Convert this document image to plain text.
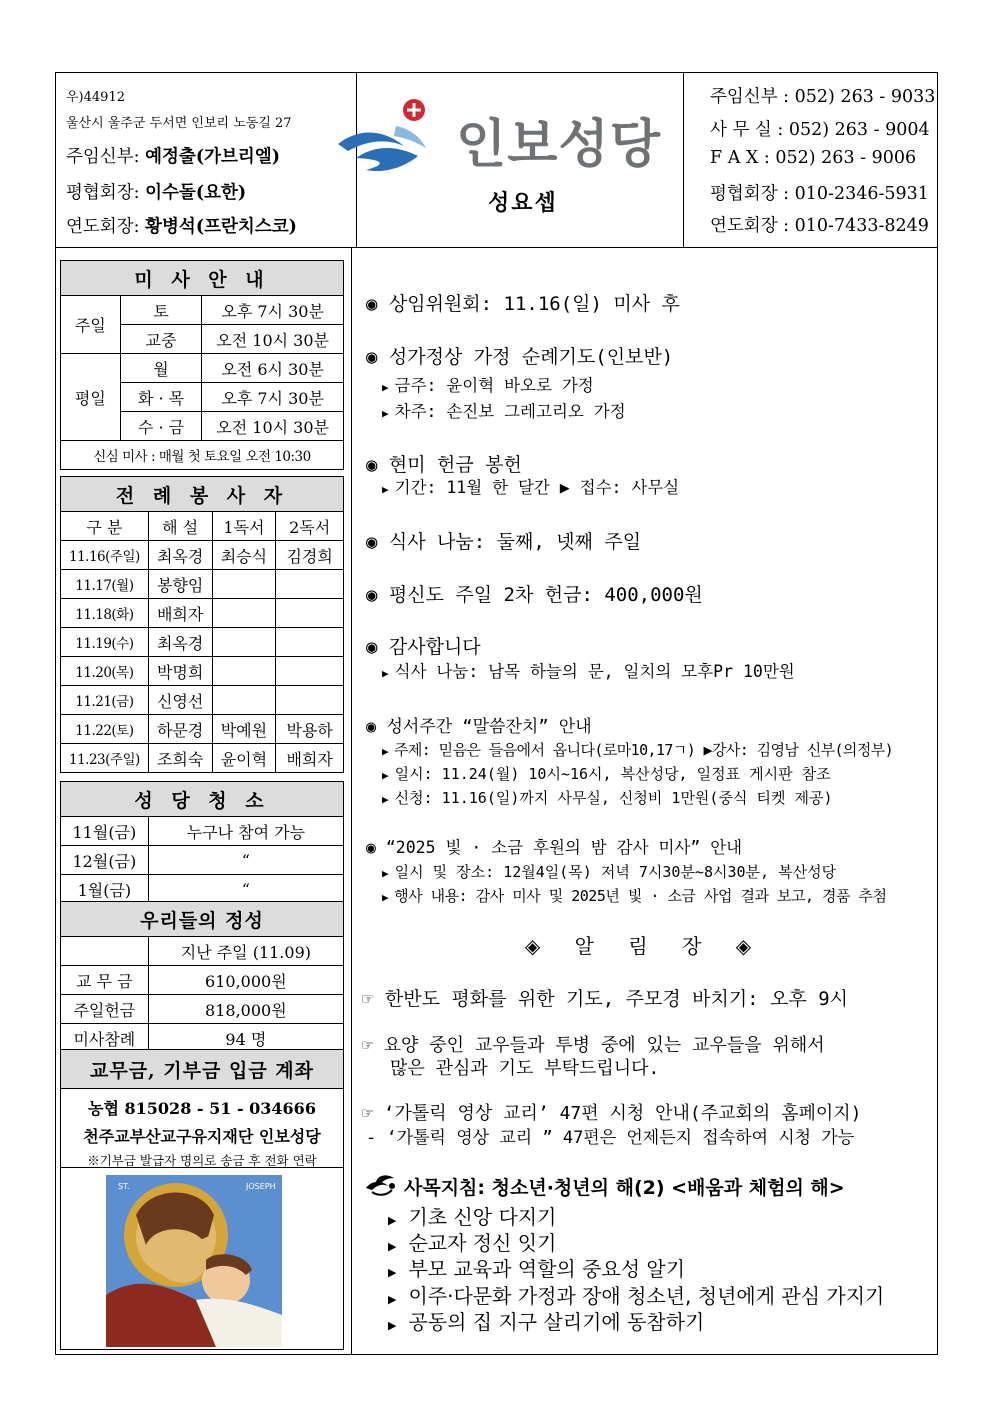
우)44912
울산시 울주군 두서면 인보리 노동길 27
주임신부: 예정출(가브리엘)
평협회장: 이수돌(요한)
연도회장: 황병석(프란치스코)
인보성당
성요셉
주임신부 : 052) 263 - 9033
사 무 실 : 052) 263 - 9004
F A X : 052) 263 - 9006
평협회장 : 010-2346-5931
연도회장 : 010-7433-8249
미 사 안 내		
주일	토	오후 7시 30분
	교중	오전 10시 30분
평일	월	오전 6시 30분
	화 · 목	오후 7시 30분
	수 · 금	오전 10시 30분
신심 미사 : 매월 첫 토요일 오전 10:30		
전 례 봉 사 자			
구 분	해 설	1독서	2독서
11.16(주일)	최옥경	최승식	김경희
11.17(월)	봉향임		
11.18(화)	배희자		
11.19(수)	최옥경		
11.20(목)	박명희		
11.21(금)	신영선		
11.22(토)	하문경	박예원	박용하
11.23(주일)	조희숙	윤이혁	배희자
성 당 청 소	
11월(금)	누구나 참여 가능
12월(금)	“
1월(금)	“
우리들의 정성	
	지난 주일 (11.09)
교 무 금	610,000원
주일헌금	818,000원
미사참례	94 명
교무금, 기부금 입금 계좌
농협 815028 - 51 - 034666
천주교부산교구유지재단 인보성당
※기부금 발급자 명의로 송금 후 전화 연락
ST.	JOSEPH
◉ 상임위원회: 11.16(일) 미사 후
◉ 성가정상 가정 순례기도(인보반)
▶ 금주: 윤이혁 바오로 가정
▶ 차주: 손진보 그레고리오 가정
◉ 현미 헌금 봉헌
▶ 기간: 11월 한 달간 ▶ 접수: 사무실
◉ 식사 나눔: 둘째, 넷째 주일
◉ 평신도 주일 2차 헌금: 400,000원
◉ 감사합니다
▶ 식사 나눔: 남목 하늘의 문, 일치의 모후Pr 10만원
◉ 성서주간 “말씀잔치” 안내
▶ 주제: 믿음은 들음에서 옵니다(로마10,17ㄱ) ▶강사: 김영남 신부(의정부)
▶ 일시: 11.24(월) 10시~16시, 복산성당, 일정표 게시판 참조
▶ 신청: 11.16(일)까지 사무실, 신청비 1만원(중식 티켓 제공)
◉ “2025 빛 · 소금 후원의 밤 감사 미사” 안내
▶ 일시 및 장소: 12월4일(목) 저녁 7시30분~8시30분, 복산성당
▶ 행사 내용: 감사 미사 및 2025년 빛 · 소금 사업 결과 보고, 경품 추첨
◈ 알 림 장 ◈
☞ 한반도 평화를 위한 기도, 주모경 바치기: 오후 9시
☞ 요양 중인 교우들과 투병 중에 있는 교우들을 위해서
많은 관심과 기도 부탁드립니다.
☞ ‘가톨릭 영상 교리’ 47편 시청 안내(주교회의 홈페이지)
- ‘가톨릭 영상 교리 ” 47편은 언제든지 접속하여 시청 가능
사목지침: 청소년·청년의 해(2) <배움과 체험의 해>
▶ 기초 신앙 다지기
▶ 순교자 정신 잇기
▶ 부모 교육과 역할의 중요성 알기
▶ 이주·다문화 가정과 장애 청소년, 청년에게 관심 가지기
▶ 공동의 집 지구 살리기에 동참하기
